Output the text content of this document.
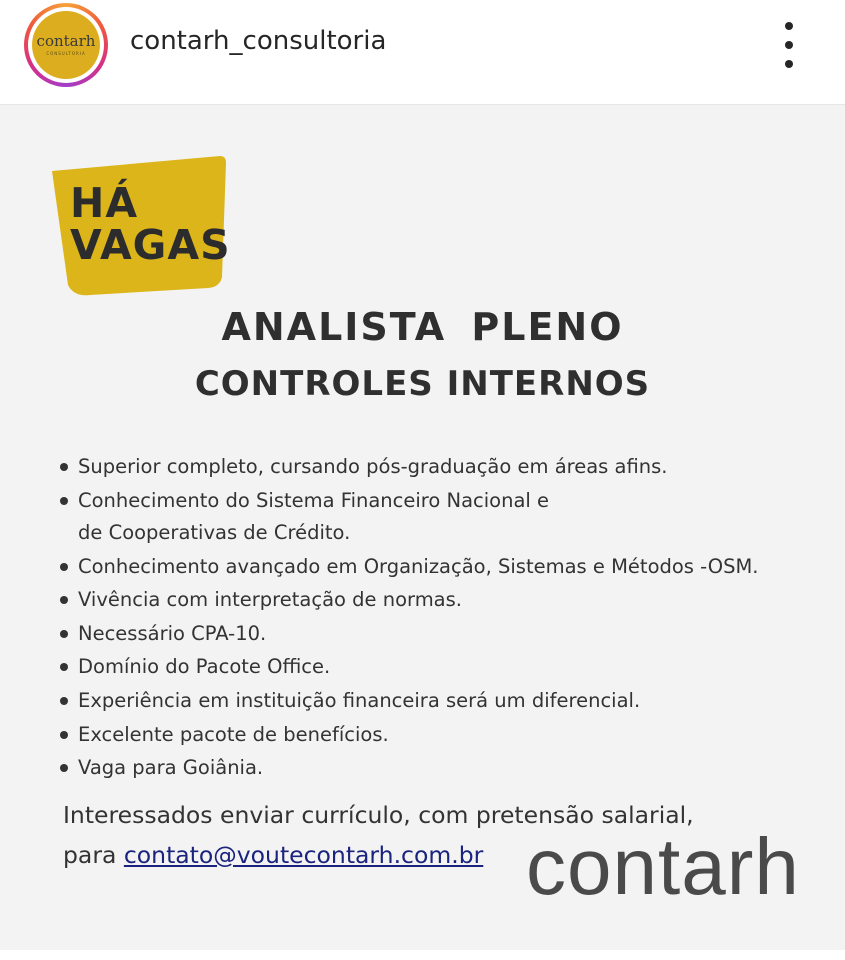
contarh
CONSULTORIA contarh_consultoria
HÁ
VAGAS
ANALISTA PLENO
CONTROLES INTERNOS
Superior completo, cursando pós-graduação em áreas afins.
Conhecimento do Sistema Financeiro Nacional e
de Cooperativas de Crédito.
Conhecimento avançado em Organização, Sistemas e Métodos -OSM.
Vivência com interpretação de normas.
Necessário CPA-10.
Domínio do Pacote Office.
Experiência em instituição financeira será um diferencial.
Excelente pacote de benefícios.
Vaga para Goiânia.
Interessados enviar currículo, com pretensão salarial,
para contato@voutecontarh.com.br contarh
